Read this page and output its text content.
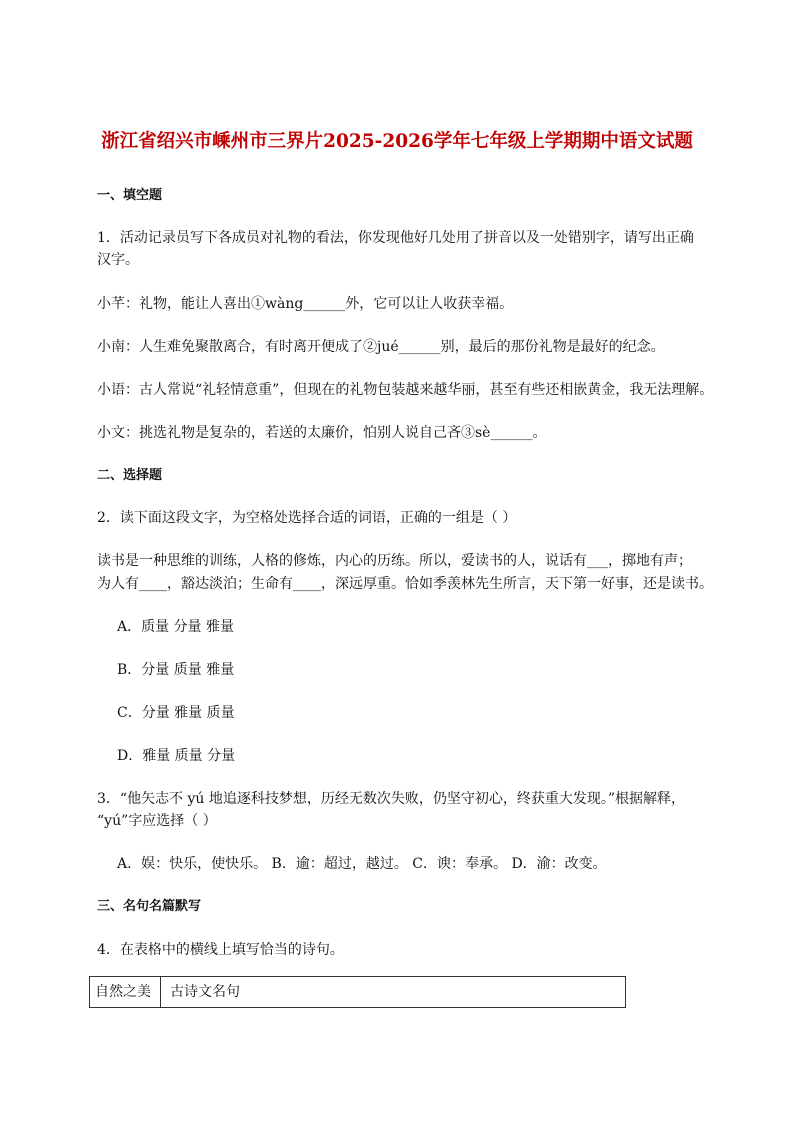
浙江省绍兴市嵊州市三界片2025-2026学年七年级上学期期中语文试题
一、填空题
1．活动记录员写下各成员对礼物的看法，你发现他好几处用了拼音以及一处错别字，请写出正确
汉字。
小芊：礼物，能让人喜出①wàng______外，它可以让人收获幸福。
小南：人生难免聚散离合，有时离开便成了②jué______别，最后的那份礼物是最好的纪念。
小语：古人常说“礼轻情意重”，但现在的礼物包装越来越华丽，甚至有些还相嵌黄金，我无法理解。
小文：挑选礼物是复杂的，若送的太廉价，怕别人说自己吝③sè______。
二、选择题
2．读下面这段文字，为空格处选择合适的词语，正确的一组是（ ）
读书是一种思维的训练，人格的修炼，内心的历练。所以，爱读书的人，说话有___，掷地有声；
为人有____，豁达淡泊；生命有____，深远厚重。恰如季羡林先生所言，天下第一好事，还是读书。
A．质量 分量 雅量
B．分量 质量 雅量
C．分量 雅量 质量
D．雅量 质量 分量
3．“他矢志不 yú 地追逐科技梦想，历经无数次失败，仍坚守初心，终获重大发现。”根据解释，
“yú”字应选择（ ）
A．娱：快乐，使快乐。 B．逾：超过，越过。 C．谀：奉承。 D．渝：改变。
三、名句名篇默写
4．在表格中的横线上填写恰当的诗句。
自然之美	古诗文名句
